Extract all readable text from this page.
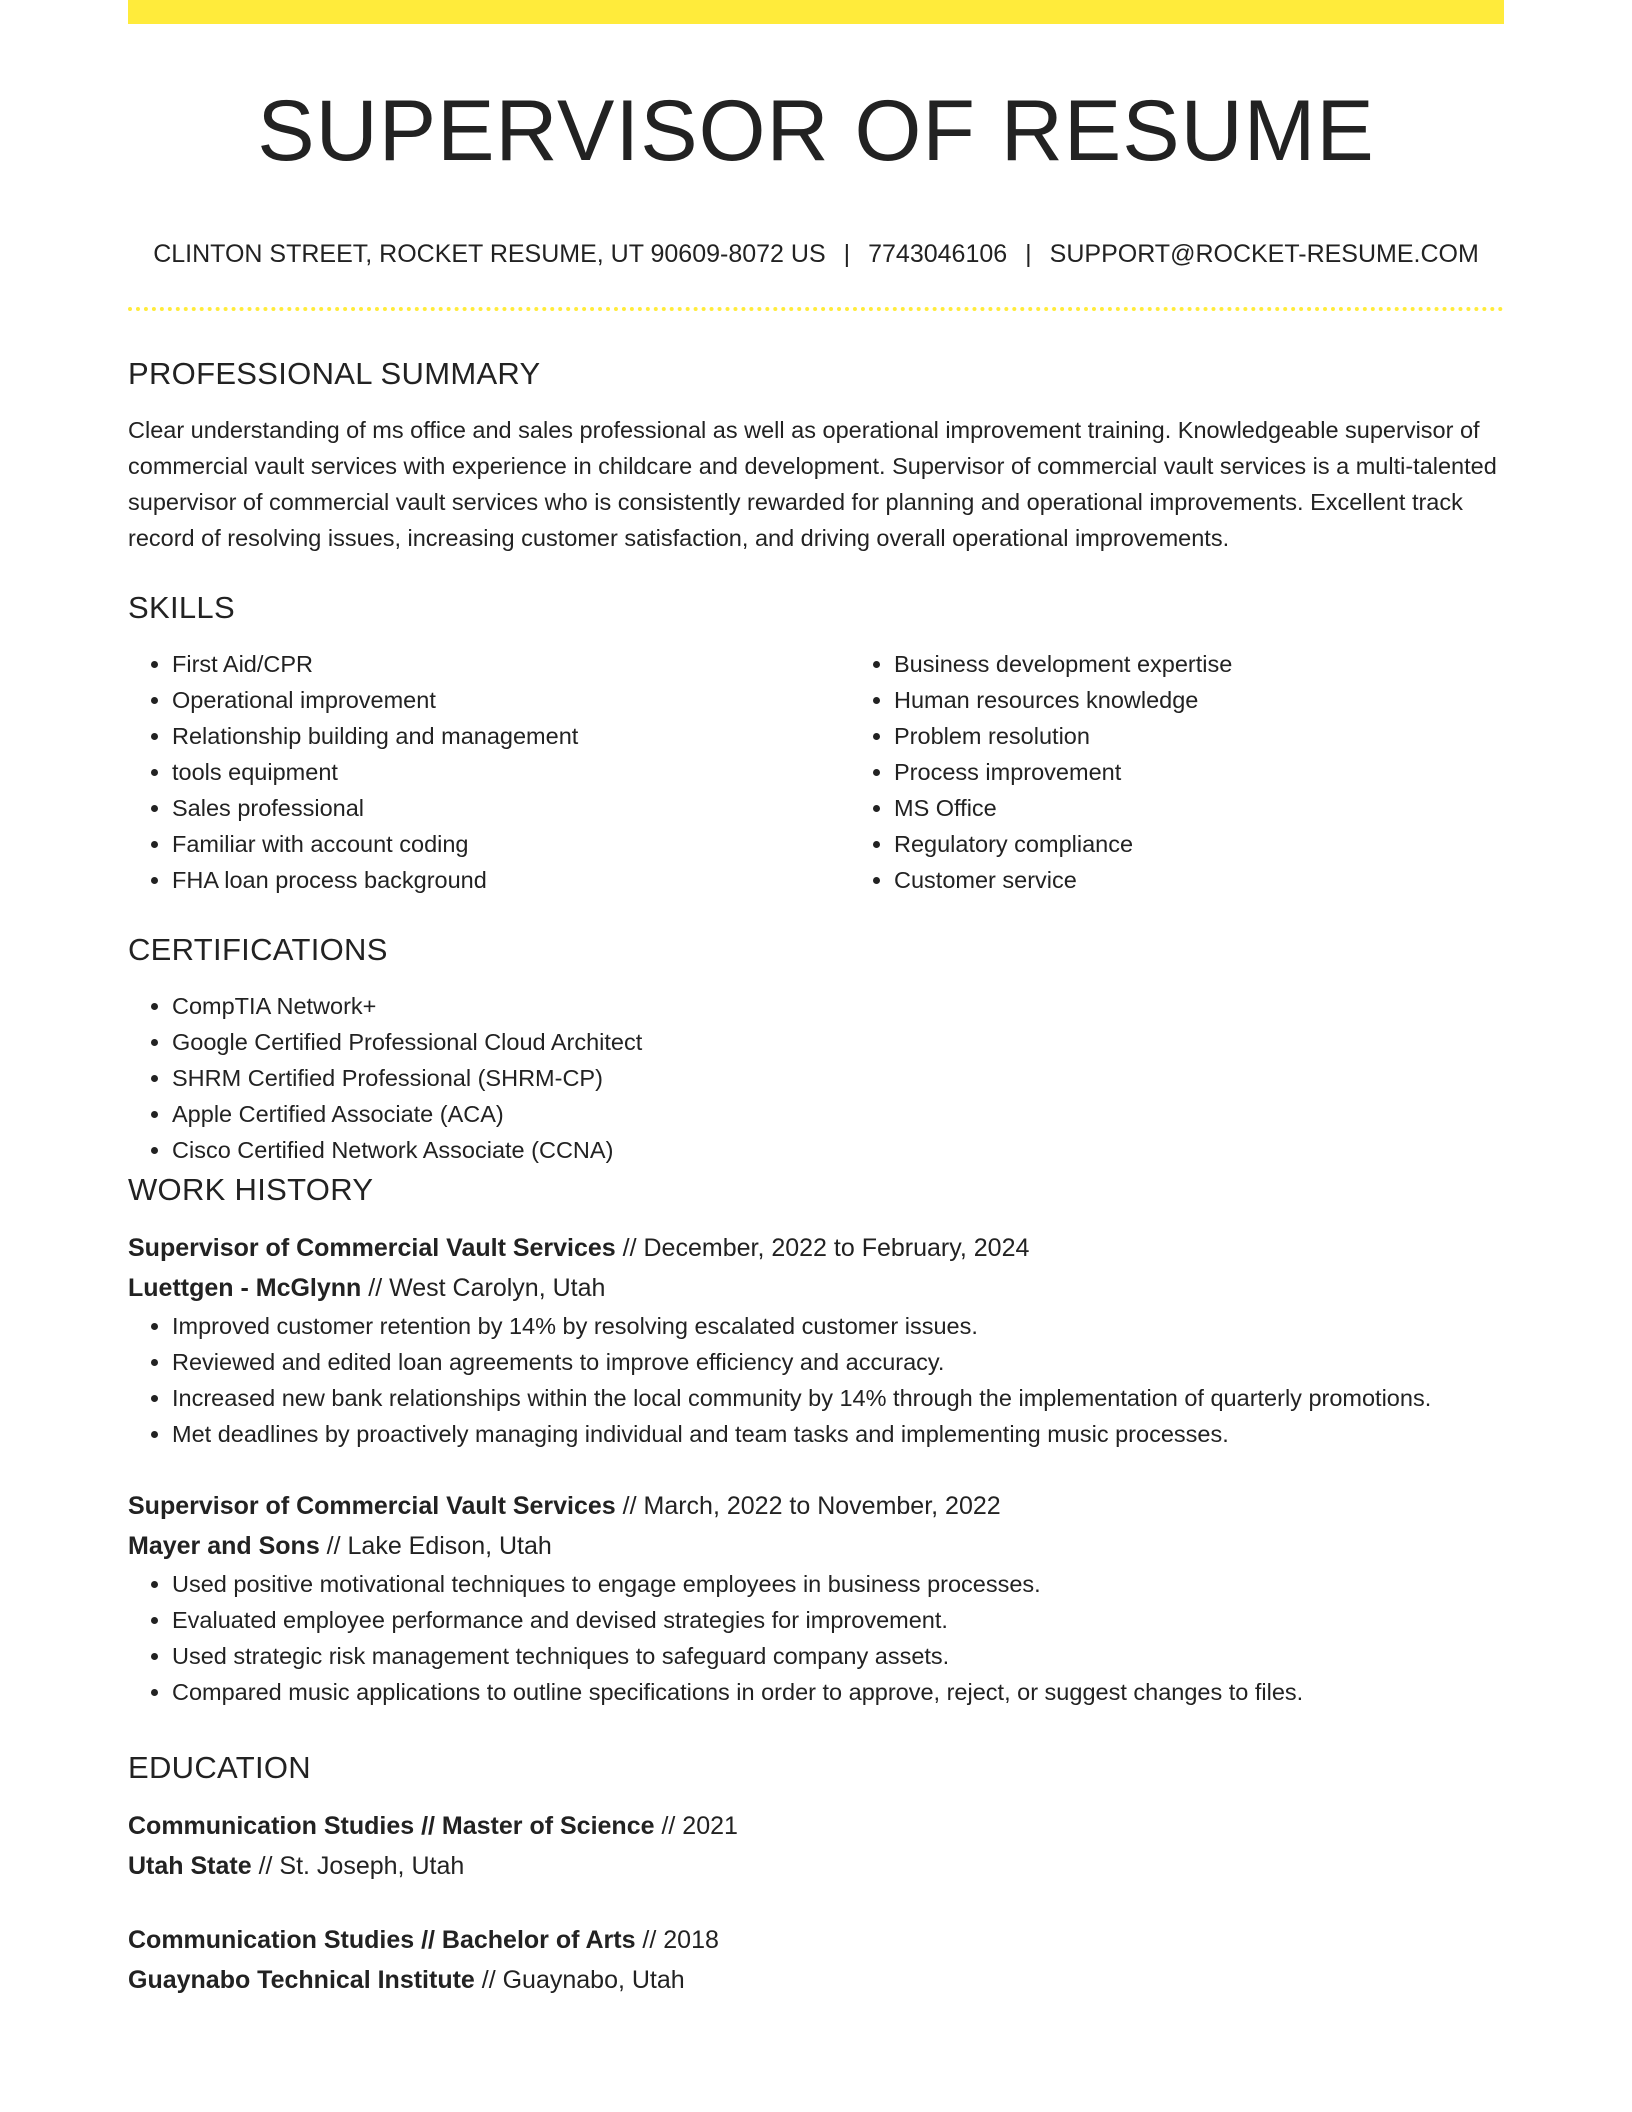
SUPERVISOR OF RESUME
CLINTON STREET, ROCKET RESUME, UT 90609-8072 US | 7743046106 | SUPPORT@ROCKET-RESUME.COM
PROFESSIONAL SUMMARY

Clear understanding of ms office and sales professional as well as operational improvement training. Knowledgeable supervisor of commercial vault services with experience in childcare and development. Supervisor of commercial vault services is a multi-talented supervisor of commercial vault services who is consistently rewarded for planning and operational improvements. Excellent track record of resolving issues, increasing customer satisfaction, and driving overall operational improvements.

SKILLS
• First Aid/CPR
• Operational improvement
• Relationship building and management
• tools equipment
• Sales professional
• Familiar with account coding
• FHA loan process background
• Business development expertise
• Human resources knowledge
• Problem resolution
• Process improvement
• MS Office
• Regulatory compliance
• Customer service
CERTIFICATIONS
• CompTIA Network+
• Google Certified Professional Cloud Architect
• SHRM Certified Professional (SHRM-CP)
• Apple Certified Associate (ACA)
• Cisco Certified Network Associate (CCNA)
WORK HISTORY

Supervisor of Commercial Vault Services // December, 2022 to February, 2024

Luettgen - McGlynn // West Carolyn, Utah

• Improved customer retention by 14% by resolving escalated customer issues.
• Reviewed and edited loan agreements to improve efficiency and accuracy.
• Increased new bank relationships within the local community by 14% through the implementation of quarterly promotions.
• Met deadlines by proactively managing individual and team tasks and implementing music processes.

Supervisor of Commercial Vault Services // March, 2022 to November, 2022

Mayer and Sons // Lake Edison, Utah

• Used positive motivational techniques to engage employees in business processes.
• Evaluated employee performance and devised strategies for improvement.
• Used strategic risk management techniques to safeguard company assets.
• Compared music applications to outline specifications in order to approve, reject, or suggest changes to files.
EDUCATION

Communication Studies // Master of Science // 2021

Utah State // St. Joseph, Utah

Communication Studies // Bachelor of Arts // 2018

Guaynabo Technical Institute // Guaynabo, Utah
